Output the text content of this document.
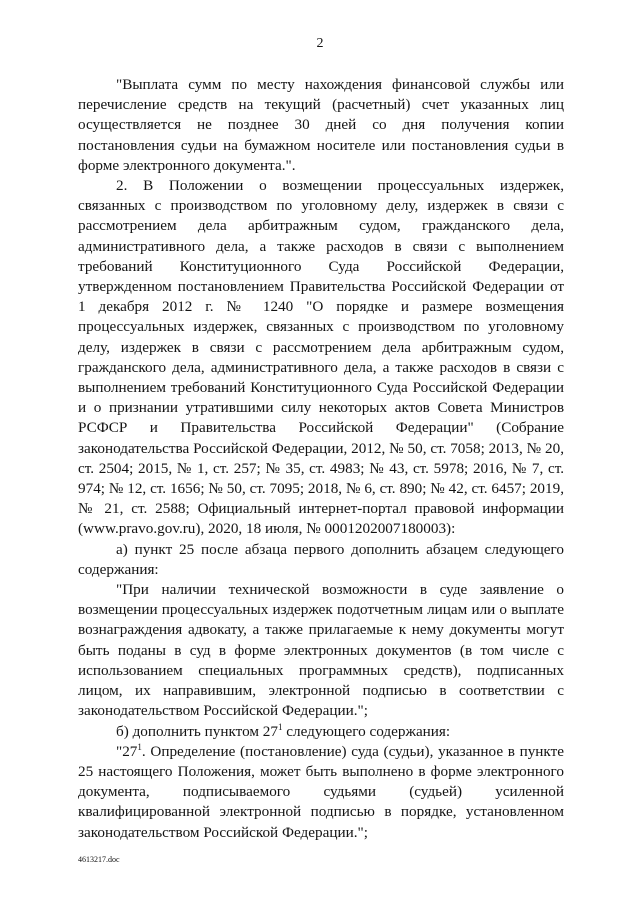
2

"Выплата сумм по месту нахождения финансовой службы или перечисление средств на текущий (расчетный) счет указанных лиц осуществляется не позднее 30 дней со дня получения копии постановления судьи на бумажном носителе или постановления судьи в форме электронного документа.".

2. В Положении о возмещении процессуальных издержек, связанных с производством по уголовному делу, издержек в связи с рассмотрением дела арбитражным судом, гражданского дела, административного дела, а также расходов в связи с выполнением требований Конституционного Суда Российской Федерации, утвержденном постановлением Правительства Российской Федерации от 1 декабря 2012 г. № 1240 "О порядке и размере возмещения процессуальных издержек, связанных с производством по уголовному делу, издержек в связи с рассмотрением дела арбитражным судом, гражданского дела, административного дела, а также расходов в связи с выполнением требований Конституционного Суда Российской Федерации и о признании утратившими силу некоторых актов Совета Министров РСФСР и Правительства Российской Федерации" (Собрание законодательства Российской Федерации, 2012, № 50, ст. 7058; 2013, № 20, ст. 2504; 2015, № 1, ст. 257; № 35, ст. 4983; № 43, ст. 5978; 2016, № 7, ст. 974; № 12, ст. 1656; № 50, ст. 7095; 2018, № 6, ст. 890; № 42, ст. 6457; 2019, № 21, ст. 2588; Официальный интернет-портал правовой информации (www.pravo.gov.ru), 2020, 18 июля, № 0001202007180003):

а) пункт 25 после абзаца первого дополнить абзацем следующего содержания:

"При наличии технической возможности в суде заявление о возмещении процессуальных издержек подотчетным лицам или о выплате вознаграждения адвокату, а также прилагаемые к нему документы могут быть поданы в суд в форме электронных документов (в том числе с использованием специальных программных средств), подписанных лицом, их направившим, электронной подписью в соответствии с законодательством Российской Федерации.";

б) дополнить пунктом $27^1$ следующего содержания:

"$27^1$. Определение (постановление) суда (судьи), указанное в пункте 25 настоящего Положения, может быть выполнено в форме электронного документа, подписываемого судьями (судьей) усиленной квалифицированной электронной подписью в порядке, установленном законодательством Российской Федерации.";

4613217.doc
